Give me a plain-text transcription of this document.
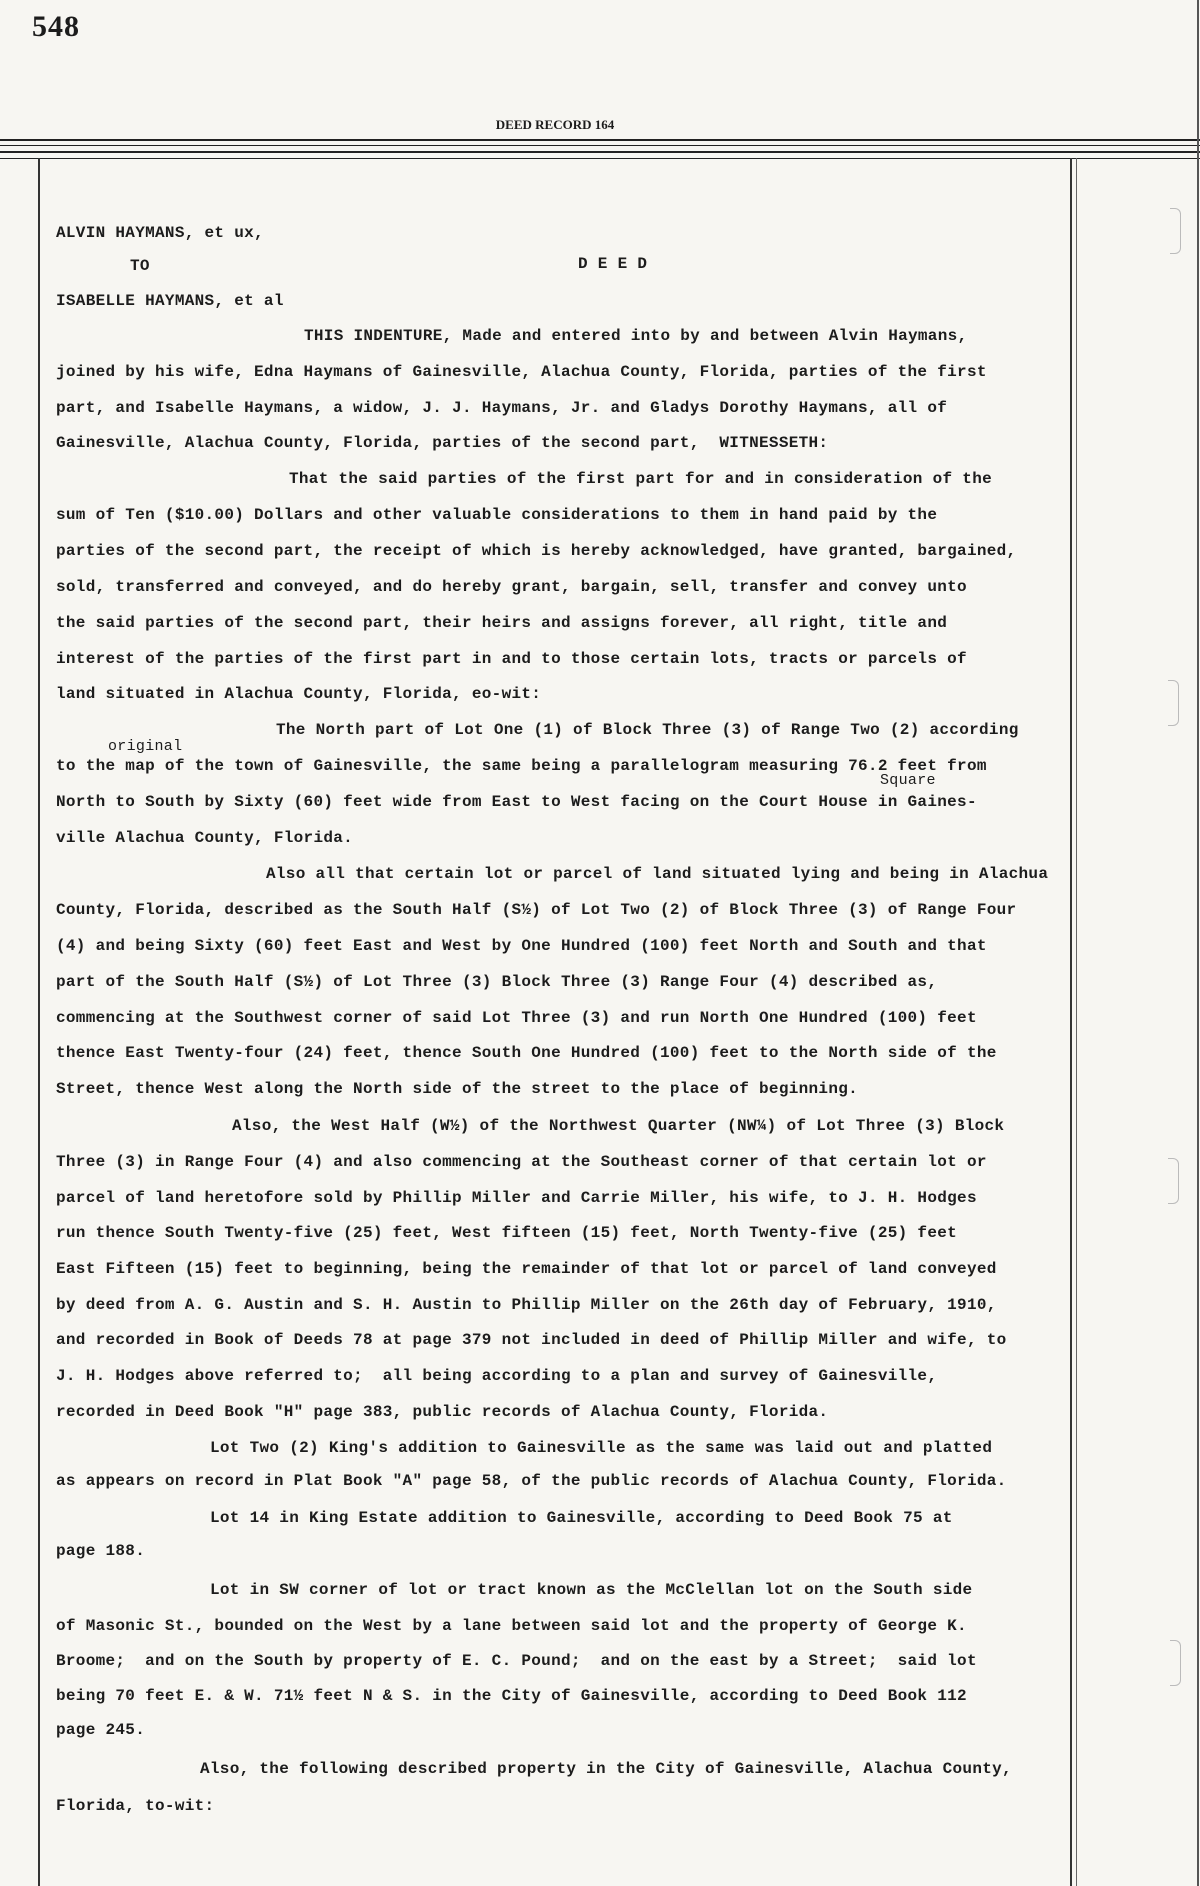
548
DEED RECORD 164
ALVIN HAYMANS, et ux,
TO	D E E D
ISABELLE HAYMANS, et al
THIS INDENTURE, Made and entered into by and between Alvin Haymans,
joined by his wife, Edna Haymans of Gainesville, Alachua County, Florida, parties of the first
part, and Isabelle Haymans, a widow, J. J. Haymans, Jr. and Gladys Dorothy Haymans, all of
Gainesville, Alachua County, Florida, parties of the second part,  WITNESSETH:
That the said parties of the first part for and in consideration of the
sum of Ten ($10.00) Dollars and other valuable considerations to them in hand paid by the
parties of the second part, the receipt of which is hereby acknowledged, have granted, bargained,
sold, transferred and conveyed, and do hereby grant, bargain, sell, transfer and convey unto
the said parties of the second part, their heirs and assigns forever, all right, title and
interest of the parties of the first part in and to those certain lots, tracts or parcels of
land situated in Alachua County, Florida, eo-wit:
The North part of Lot One (1) of Block Three (3) of Range Two (2) according
original
to the map of the town of Gainesville, the same being a parallelogram measuring 76.2 feet from
Square
North to South by Sixty (60) feet wide from East to West facing on the Court House in Gaines-
ville Alachua County, Florida.
Also all that certain lot or parcel of land situated lying and being in Alachua
County, Florida, described as the South Half (S½) of Lot Two (2) of Block Three (3) of Range Four
(4) and being Sixty (60) feet East and West by One Hundred (100) feet North and South and that
part of the South Half (S½) of Lot Three (3) Block Three (3) Range Four (4) described as,
commencing at the Southwest corner of said Lot Three (3) and run North One Hundred (100) feet
thence East Twenty-four (24) feet, thence South One Hundred (100) feet to the North side of the
Street, thence West along the North side of the street to the place of beginning.
Also, the West Half (W½) of the Northwest Quarter (NW¼) of Lot Three (3) Block
Three (3) in Range Four (4) and also commencing at the Southeast corner of that certain lot or
parcel of land heretofore sold by Phillip Miller and Carrie Miller, his wife, to J. H. Hodges
run thence South Twenty-five (25) feet, West fifteen (15) feet, North Twenty-five (25) feet
East Fifteen (15) feet to beginning, being the remainder of that lot or parcel of land conveyed
by deed from A. G. Austin and S. H. Austin to Phillip Miller on the 26th day of February, 1910,
and recorded in Book of Deeds 78 at page 379 not included in deed of Phillip Miller and wife, to
J. H. Hodges above referred to;  all being according to a plan and survey of Gainesville,
recorded in Deed Book "H" page 383, public records of Alachua County, Florida.
Lot Two (2) King's addition to Gainesville as the same was laid out and platted
as appears on record in Plat Book "A" page 58, of the public records of Alachua County, Florida.
Lot 14 in King Estate addition to Gainesville, according to Deed Book 75 at
page 188.
Lot in SW corner of lot or tract known as the McClellan lot on the South side
of Masonic St., bounded on the West by a lane between said lot and the property of George K.
Broome;  and on the South by property of E. C. Pound;  and on the east by a Street;  said lot
being 70 feet E. & W. 71½ feet N & S. in the City of Gainesville, according to Deed Book 112
page 245.
Also, the following described property in the City of Gainesville, Alachua County,
Florida, to-wit:
